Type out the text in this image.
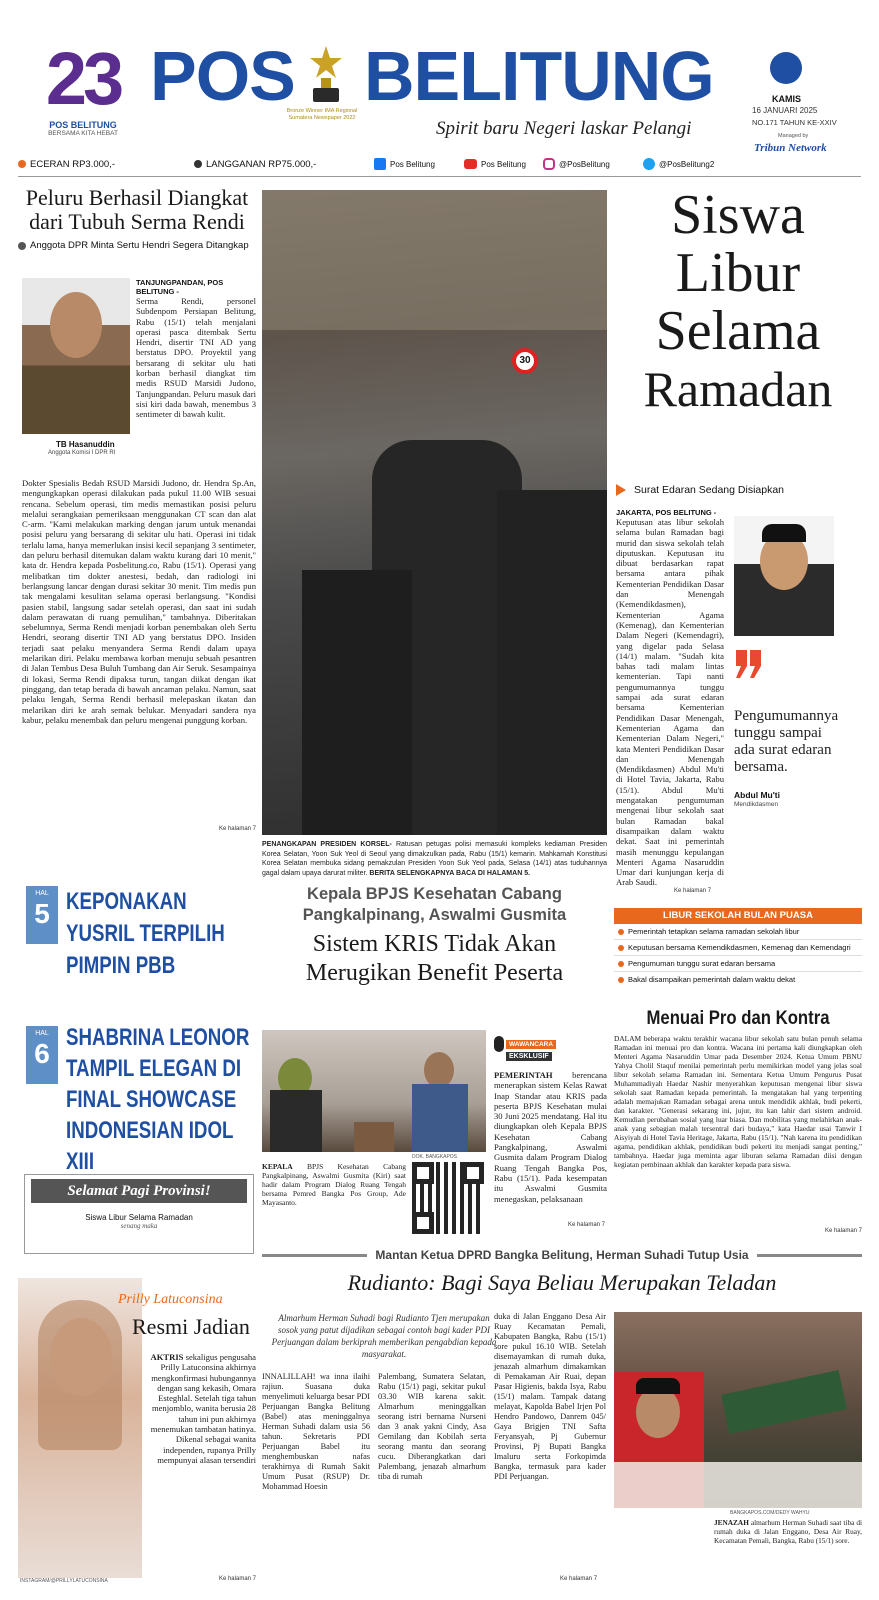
23
POS BELITUNG
BERSAMA KITA HEBAT
POS
Bronze Winner IMA Regional Sumatera Newspaper 2022
BELITUNG
Spirit baru Negeri laskar Pelangi
KAMIS
16 JANUARI 2025
NO.171 TAHUN KE-XXIV
Managed by
Tribun Network
ECERAN RP3.000,-	LANGGANAN RP75.000,-	Pos Belitung	Pos Belitung	@PosBelitung	@PosBelitung2
Peluru Berhasil Diangkat dari Tubuh Serma Rendi
Anggota DPR Minta Sertu Hendri Segera Ditangkap
TB Hasanuddin
Anggota Komisi I DPR RI
TANJUNGPANDAN, POS BELITUNG -
Serma Rendi, personel Subdenpom Persiapan Belitung, Rabu (15/1) telah menjalani operasi pasca ditembak Sertu Hendri, disertir TNI AD yang berstatus DPO. Proyektil yang bersarang di sekitar ulu hati korban berhasil diangkat tim medis RSUD Marsidi Judono, Tanjungpandan. Peluru masuk dari sisi kiri dada bawah, menembus 3 sentimeter di bawah kulit.
Dokter Spesialis Bedah RSUD Marsidi Judono, dr. Hendra Sp.An, mengungkapkan operasi dilakukan pada pukul 11.00 WIB sesuai rencana. Sebelum operasi, tim medis memastikan posisi peluru melalui serangkaian pemeriksaan menggunakan CT scan dan alat C-arm. "Kami melakukan marking dengan jarum untuk menandai posisi peluru yang bersarang di sekitar ulu hati. Operasi ini tidak terlalu lama, hanya memerlukan insisi kecil sepanjang 3 sentimeter, dan peluru berhasil ditemukan dalam waktu kurang dari 10 menit," kata dr. Hendra kepada Posbelitung.co, Rabu (15/1). Operasi yang melibatkan tim dokter anestesi, bedah, dan radiologi ini berlangsung lancar dengan durasi sekitar 30 menit. Tim medis pun tak mengalami kesulitan selama operasi berlangsung. "Kondisi pasien stabil, langsung sadar setelah operasi, dan saat ini sudah dalam perawatan di ruang pemulihan," tambahnya. Diberitakan sebelumnya, Serma Rendi menjadi korban penembakan oleh Sertu Hendri, seorang disertir TNI AD yang berstatus DPO. Insiden terjadi saat pelaku menyandera Serma Rendi dalam upaya melarikan diri. Pelaku membawa korban menuju sebuah pesantren di Jalan Tembus Desa Buluh Tumbang dan Air Seruk. Sesampainya di lokasi, Serma Rendi dipaksa turun, tangan diikat dengan ikat pinggang, dan tetap berada di bawah ancaman pelaku. Namun, saat pelaku lengah, Serma Rendi berhasil melepaskan ikatan dan melarikan diri ke arah semak belukar. Menyadari sandera nya kabur, pelaku menembak dan peluru mengenai punggung korban.
Ke halaman 7
30
PENANGKAPAN PRESIDEN KORSEL- Ratusan petugas polisi memasuki kompleks kediaman Presiden Korea Selatan, Yoon Suk Yeol di Seoul yang dimakzulkan pada, Rabu (15/1) kemarin. Mahkamah Konstitusi Korea Selatan membuka sidang pemakzulan Presiden Yoon Suk Yeol pada, Selasa (14/1) atas tuduhannya gagal dalam upaya darurat militer. BERITA SELENGKAPNYA BACA DI HALAMAN 5.
Siswa
Libur
Selama
Ramadan
Surat Edaran Sedang Disiapkan
JAKARTA, POS BELITUNG -
Keputusan atas libur sekolah selama bulan Ramadan bagi murid dan siswa sekolah telah diputuskan. Keputusan itu dibuat berdasarkan rapat bersama antara pihak Kementerian Pendidikan Dasar dan Menengah (Kemendikdasmen), Kementerian Agama (Kemenag), dan Kementerian Dalam Negeri (Kemendagri), yang digelar pada Selasa (14/1) malam. "Sudah kita bahas tadi malam lintas kementerian. Tapi nanti pengumumannya tunggu sampai ada surat edaran bersama Kementerian Pendidikan Dasar Menengah, Kementerian Agama dan Kementerian Dalam Negeri," kata Menteri Pendidikan Dasar dan Menengah (Mendikdasmen) Abdul Mu'ti di Hotel Tavia, Jakarta, Rabu (15/1). Abdul Mu'ti mengatakan pengumuman mengenai libur sekolah saat bulan Ramadan bakal disampaikan dalam waktu dekat. Saat ini pemerintah masih menunggu kepulangan Menteri Agama Nasaruddin Umar dari kunjungan kerja di Arab Saudi.
Pengumumannya tunggu sampai ada surat edaran bersama.
Abdul Mu'ti
Mendikdasmen
Ke halaman 7
HAL
5 KEPONAKAN YUSRIL TERPILIH PIMPIN PBB
HAL
6
SHABRINA LEONOR TAMPIL ELEGAN DI FINAL SHOWCASE INDONESIAN IDOL XIII
Selamat Pagi Provinsi!
Siswa Libur Selama Ramadan
senang maka
INSTAGRAM/@PRILLYLATUCONSINA
Prilly Latuconsina
Resmi Jadian
AKTRIS sekaligus pengusaha Prilly Latuconsina akhirnya mengkonfirmasi hubungannya dengan sang kekasih, Omara Esteghlal. Setelah tiga tahun menjomblo, wanita berusia 28 tahun ini pun akhirnya menemukan tambatan hatinya. Dikenal sebagai wanita independen, rupanya Prilly mempunyai alasan tersendiri
Ke halaman 7
Kepala BPJS Kesehatan Cabang Pangkalpinang, Aswalmi Gusmita
Sistem KRIS Tidak Akan Merugikan Benefit Peserta
DOK. BANGKAPOS
KEPALA BPJS Kesehatan Cabang Pangkalpinang, Aswalmi Gusmita (Kiri) saat hadir dalam Program Dialog Ruang Tengah bersama Pemred Bangka Pos Group, Ade Mayasanto.
WAWANCARA
EKSKLUSIF
PEMERINTAH berencana menerapkan sistem Kelas Rawat Inap Standar atau KRIS pada peserta BPJS Kesehatan mulai 30 Juni 2025 mendatang. Hal itu diungkapkan oleh Kepala BPJS Kesehatan Cabang Pangkalpinang, Aswalmi Gusmita dalam Program Dialog Ruang Tengah Bangka Pos, Rabu (15/1). Pada kesempatan itu Aswalmi Gusmita menegaskan, pelaksanaan
Ke halaman 7
LIBUR SEKOLAH BULAN PUASA
Pemerintah tetapkan selama ramadan sekolah libur
Keputusan bersama Kemendikdasmen, Kemenag dan Kemendagri
Pengumuman tunggu surat edaran bersama
Bakal disampaikan pemerintah dalam waktu dekat
Menuai Pro dan Kontra
DALAM beberapa waktu terakhir wacana libur sekolah satu bulan penuh selama Ramadan ini menuai pro dan kontra. Wacana ini pertama kali diungkapkan oleh Menteri Agama Nasaruddin Umar pada Desember 2024. Ketua Umum PBNU Yahya Cholil Staquf menilai pemerintah perlu memikirkan model yang jelas soal libur sekolah selama Ramadan ini. Sementara Ketua Umum Pengurus Pusat Muhammadiyah Haedar Nashir menyerahkan keputusan mengenai libur siswa sekolah saat Ramadan kepada pemerintah. Ia mengatakan hal yang terpenting adalah memajukan Ramadan sebagai arena untuk mendidik akhlak, budi pekerti, dan karakter. "Generasi sekarang ini, jujur, itu kan lahir dari sistem android. Kemudian perubahan sosial yang luar biasa. Dan mobilitas yang melahirkan anak-anak yang sebagian malah tersentral dari budaya," kata Haedar usai Tanwir I Aisyiyah di Hotel Tavia Heritage, Jakarta, Rabu (15/1). "Nah karena itu pendidikan agama, pendidikan akhlak, pendidikan budi pekerti itu menjadi sangat penting," tambahnya. Haedar juga meminta agar liburan selama Ramadan diisi dengan kegiatan pembinaan akhlak dan karakter kepada para siswa.
Ke halaman 7
Mantan Ketua DPRD Bangka Belitung, Herman Suhadi Tutup Usia
Rudianto: Bagi Saya Beliau Merupakan Teladan
Almarhum Herman Suhadi bagi Rudianto Tjen merupakan sosok yang patut dijadikan sebagai contoh bagi kader PDI Perjuangan dalam berkiprah memberikan pengabdian kepada masyarakat.
INNALILLAH! wa inna ilaihi rajiun. Suasana duka menyelimuti keluarga besar PDI Perjuangan Bangka Belitung (Babel) atas meninggalnya Herman Suhadi dalam usia 56 tahun. Sekretaris PDI Perjuangan Babel itu menghembuskan nafas terakhirnya di Rumah Sakit Umum Pusat (RSUP) Dr. Mohammad Hoesin
Palembang, Sumatera Selatan, Rabu (15/1) pagi, sekitar pukul 03.30 WIB karena sakit. Almarhum meninggalkan seorang istri bernama Nurseni dan 3 anak yakni Cindy, Asa Gemilang dan Kobilah serta seorang mantu dan seorang cucu. Diberangkatkan dari Palembang, jenazah almarhum tiba di rumah
duka di Jalan Enggano Desa Air Ruay Kecamatan Pemali, Kabupaten Bangka, Rabu (15/1) sore pukul 16.10 WIB. Setelah disemayamkan di rumah duka, jenazah almarhum dimakamkan di Pemakaman Air Ruai, depan Pasar Higienis, bakda Isya, Rabu (15/1) malam. Tampak datang melayat, Kapolda Babel Irjen Pol Hendro Pandowo, Danrem 045/ Gaya Brigjen TNI Safta Feryansyah, Pj Gubernur Provinsi, Pj Bupati Bangka Imaluru serta Forkopimda Bangka, termasuk para kader PDI Perjuangan.
Ke halaman 7
BANGKAPOS.COM/DEDY WAHYU
JENAZAH almarhum Herman Suhadi saat tiba di rumah duka di Jalan Enggano, Desa Air Ruay, Kecamatan Pemali, Bangka, Rabu (15/1) sore.
